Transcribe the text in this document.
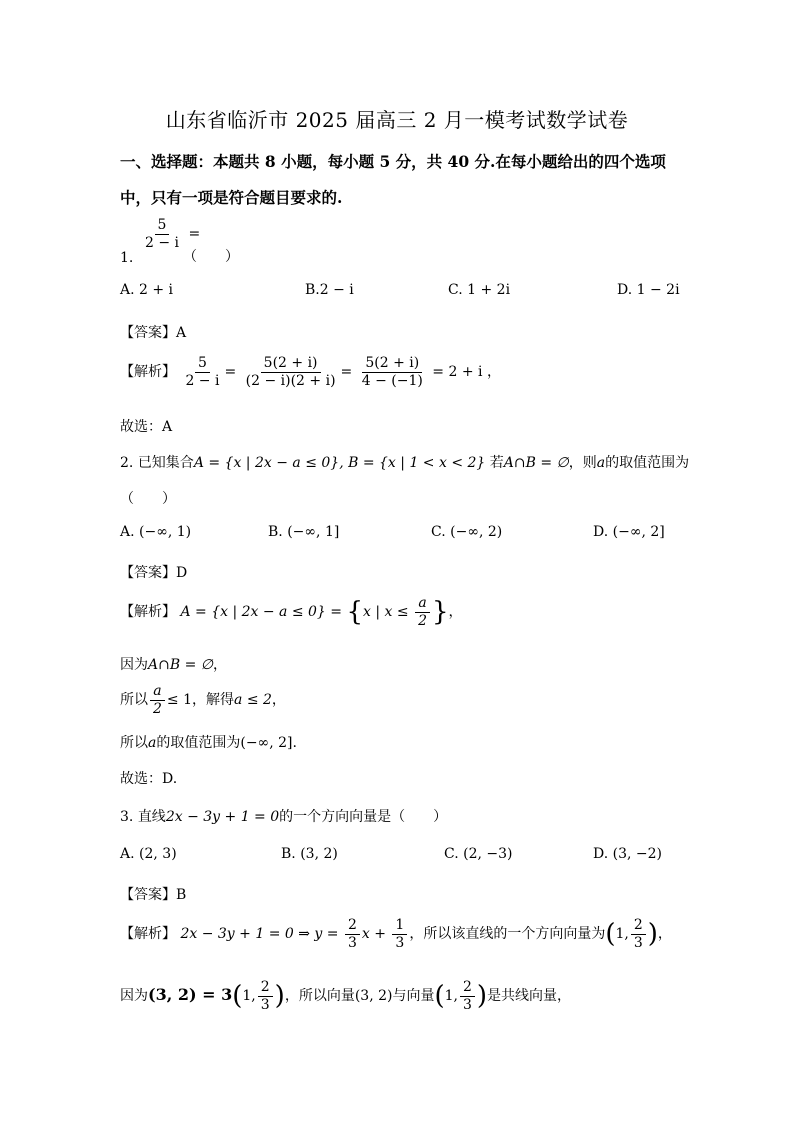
山东省临沂市 2025 届高三 2 月一模考试数学试卷
一、选择题：本题共 8 小题，每小题 5 分，共 40 分.在每小题给出的四个选项
中，只有一项是符合题目要求的.
$\frac{5}{2 - i}$ =
1.	（　　）
A. 2 + i	B.2 − i	C. 1 + 2i	D. 1 − 2i
【答案】A
【解析】 $\frac{5}{2 - i} = \frac{5(2 + i)}{(2 - i)(2 + i)} = \frac{5(2 + i)}{4 - (-1)} = 2 + i$ ，
故选：A
2. 已知集合A = {x | 2x − a ≤ 0}, B = {x | 1 < x < 2} 若A∩B = ∅，则a的取值范围为
（　　）
A. (−∞, 1)	B. (−∞, 1]	C. (−∞, 2)	D. (−∞, 2]
【答案】D
【解析】 A = {x | 2x − a ≤ 0} = {x | $x \le \frac{a}{2}$ }，
因为A∩B = ∅，
所以 $\frac{a}{2} \le 1$，解得a ≤ 2，
所以a的取值范围为(−∞, 2].
故选：D.
3. 直线2x − 3y + 1 = 0的一个方向向量是（　　）
A. (2, 3)	B. (3, 2)	C. (2, −3)	D. (3, −2)
【答案】B
【解析】 2x − 3y + 1 = 0 ⇒ $y = \frac{2}{3}$ $x + \frac{1}{3}$ ，所以该直线的一个方向向量为(1, $\frac{2}{3}$ )，
因为(3, 2) = 3(1, $\frac{2}{3}$ )，所以向量(3, 2)与向量(1, $\frac{2}{3}$ )是共线向量，
